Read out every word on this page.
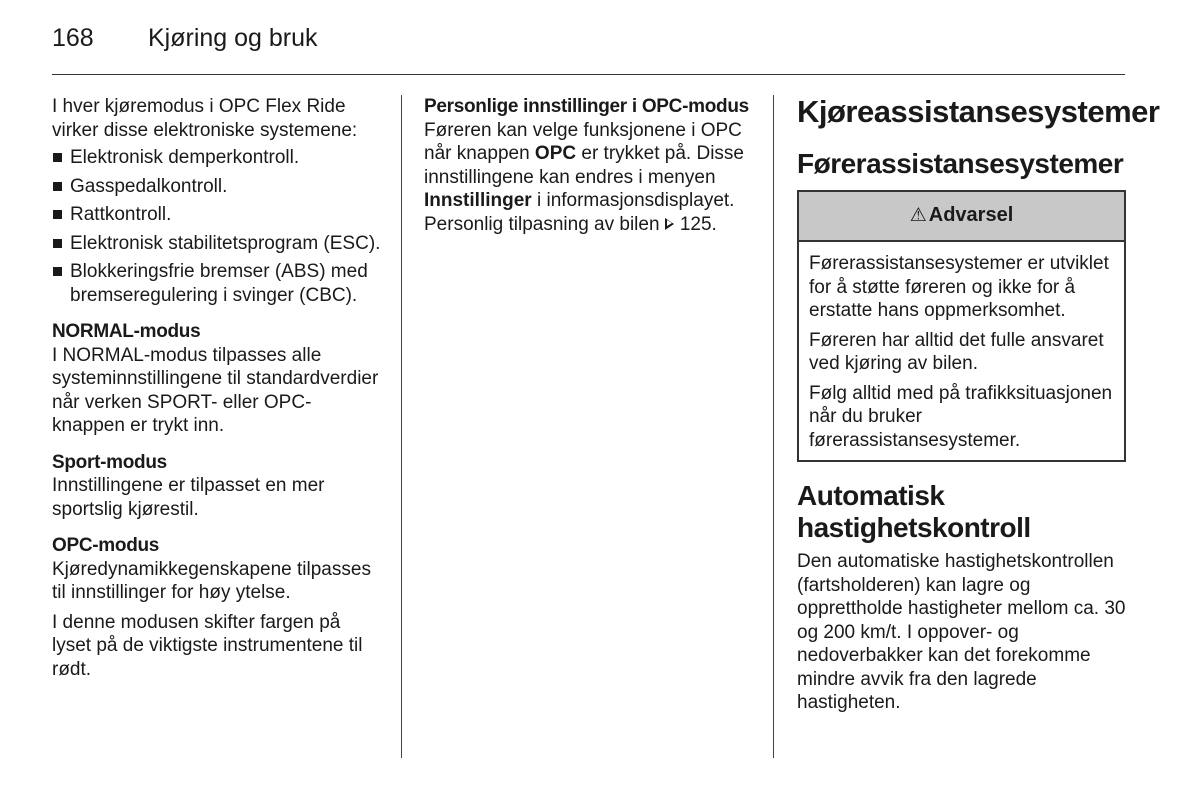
168 Kjøring og bruk

I hver kjøremodus i OPC Flex Ride virker disse elektroniske systemene:

Elektronisk demperkontroll.
Gasspedalkontroll.
Rattkontroll.
Elektronisk stabilitetsprogram (ESC).
Blokkeringsfrie bremser (ABS) med bremseregulering i svinger (CBC).

NORMAL-modus

I NORMAL-modus tilpasses alle systeminnstillingene til standardverdier når verken SPORT- eller OPC-knappen er trykt inn.

Sport-modus

Innstillingene er tilpasset en mer sportslig kjørestil.

OPC-modus

Kjøredynamikkegenskapene tilpasses til innstillinger for høy ytelse.

I denne modusen skifter fargen på lyset på de viktigste instrumentene til rødt.

Personlige innstillinger i OPC-modus

Føreren kan velge funksjonene i OPC når knappen OPC er trykket på. Disse innstillingene kan endres i menyen Innstillinger i informasjonsdisplayet. Personlig tilpasning av bilen 125.

Kjøreassistansesystemer
Førerassistansesystemer
⚠ Advarsel

Førerassistansesystemer er utviklet for å støtte føreren og ikke for å erstatte hans oppmerksomhet.

Føreren har alltid det fulle ansvaret ved kjøring av bilen.

Følg alltid med på trafikksituasjonen når du bruker førerassistansesystemer.

Automatisk hastighetskontroll

Den automatiske hastighetskontrollen (fartsholderen) kan lagre og opprettholde hastigheter mellom ca. 30 og 200 km/t. I oppover- og nedoverbakker kan det forekomme mindre avvik fra den lagrede hastigheten.
